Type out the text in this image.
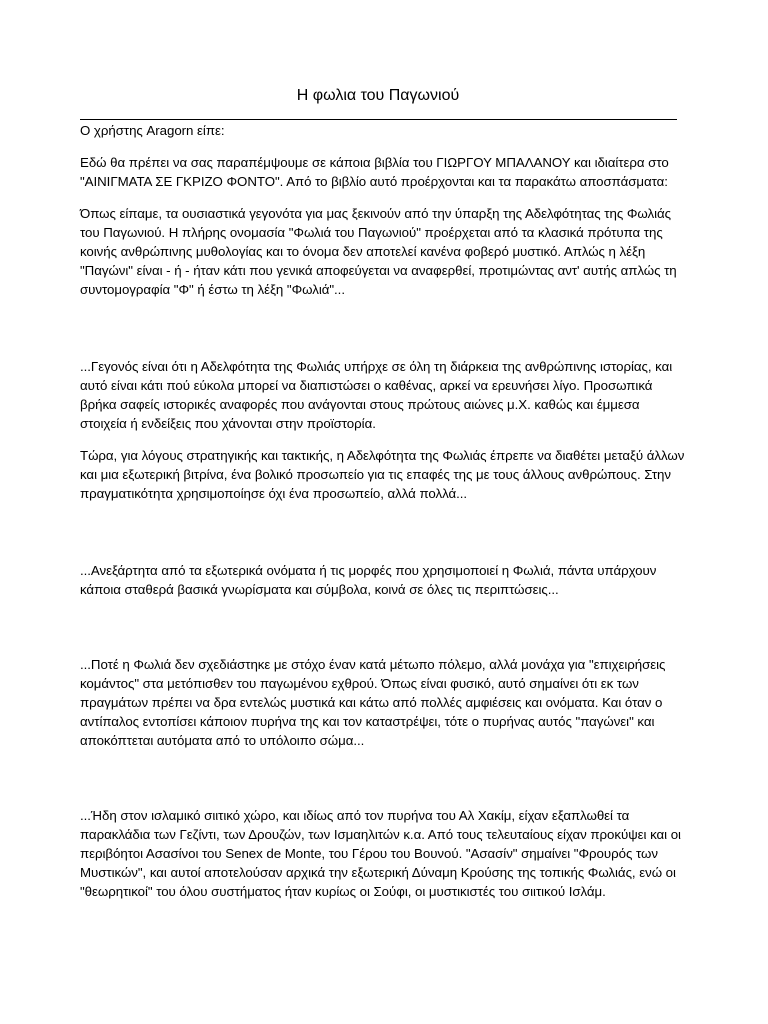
Η φωλια του Παγωνιού

Ο χρήστης Aragorn είπε:

Εδώ θα πρέπει να σας παραπέμψουμε σε κάποια βιβλία του ΓΙΩΡΓΟΥ ΜΠΑΛΑΝΟΥ και ιδιαίτερα στο "ΑΙΝΙΓΜΑΤΑ ΣΕ ΓΚΡΙΖΟ ΦΟΝΤΟ". Από το βιβλίο αυτό προέρχονται και τα παρακάτω αποσπάσματα:

Όπως είπαμε, τα ουσιαστικά γεγονότα για μας ξεκινούν από την ύπαρξη της Αδελφότητας της Φωλιάς του Παγωνιού. Η πλήρης ονομασία "Φωλιά του Παγωνιού" προέρχεται από τα κλασικά πρότυπα της κοινής ανθρώπινης μυθολογίας και το όνομα δεν αποτελεί κανένα φοβερό μυστικό. Απλώς η λέξη "Παγώνι" είναι - ή - ήταν κάτι που γενικά αποφεύγεται να αναφερθεί, προτιμώντας αντ' αυτής απλώς τη συντομογραφία "Φ" ή έστω τη λέξη "Φωλιά"...

...Γεγονός είναι ότι η Αδελφότητα της Φωλιάς υπήρχε σε όλη τη διάρκεια της ανθρώπινης ιστορίας, και αυτό είναι κάτι πού εύκολα μπορεί να διαπιστώσει ο καθένας, αρκεί να ερευνήσει λίγο. Προσωπικά βρήκα σαφείς ιστορικές αναφορές που ανάγονται στους πρώτους αιώνες μ.Χ. καθώς και έμμεσα στοιχεία ή ενδείξεις που χάνονται στην προϊστορία.

Τώρα, για λόγους στρατηγικής και τακτικής, η Αδελφότητα της Φωλιάς έπρεπε να διαθέτει μεταξύ άλλων και μια εξωτερική βιτρίνα, ένα βολικό προσωπείο για τις επαφές της με τους άλλους ανθρώπους. Στην πραγματικότητα χρησιμοποίησε όχι ένα προσωπείο, αλλά πολλά...

...Ανεξάρτητα από τα εξωτερικά ονόματα ή τις μορφές που χρησιμοποιεί η Φωλιά, πάντα υπάρχουν κάποια σταθερά βασικά γνωρίσματα και σύμβολα, κοινά σε όλες τις περιπτώσεις...

...Ποτέ η Φωλιά δεν σχεδιάστηκε με στόχο έναν κατά μέτωπο πόλεμο, αλλά μονάχα για "επιχειρήσεις κομάντος" στα μετόπισθεν του παγωμένου εχθρού. Όπως είναι φυσικό, αυτό σημαίνει ότι εκ των πραγμάτων πρέπει να δρα εντελώς μυστικά και κάτω από πολλές αμφιέσεις και ονόματα. Και όταν ο αντίπαλος εντοπίσει κάποιον πυρήνα της και τον καταστρέψει, τότε ο πυρήνας αυτός "παγώνει" και αποκόπτεται αυτόματα από το υπόλοιπο σώμα...

...Ήδη στον ισλαμικό σιιτικό χώρο, και ιδίως από τον πυρήνα του Αλ Χακίμ, είχαν εξαπλωθεί τα παρακλάδια των Γεζίντι, των Δρουζών, των Ισμαηλιτών κ.α. Από τους τελευταίους είχαν προκύψει και οι περιβόητοι Ασασίνοι του Senex de Monte, του Γέρου του Βουνού. "Ασασίν" σημαίνει "Φρουρός των Μυστικών", και αυτοί αποτελούσαν αρχικά την εξωτερική Δύναμη Κρούσης της τοπικής Φωλιάς, ενώ οι "θεωρητικοί" του όλου συστήματος ήταν κυρίως οι Σούφι, οι μυστικιστές του σιιτικού Ισλάμ.
